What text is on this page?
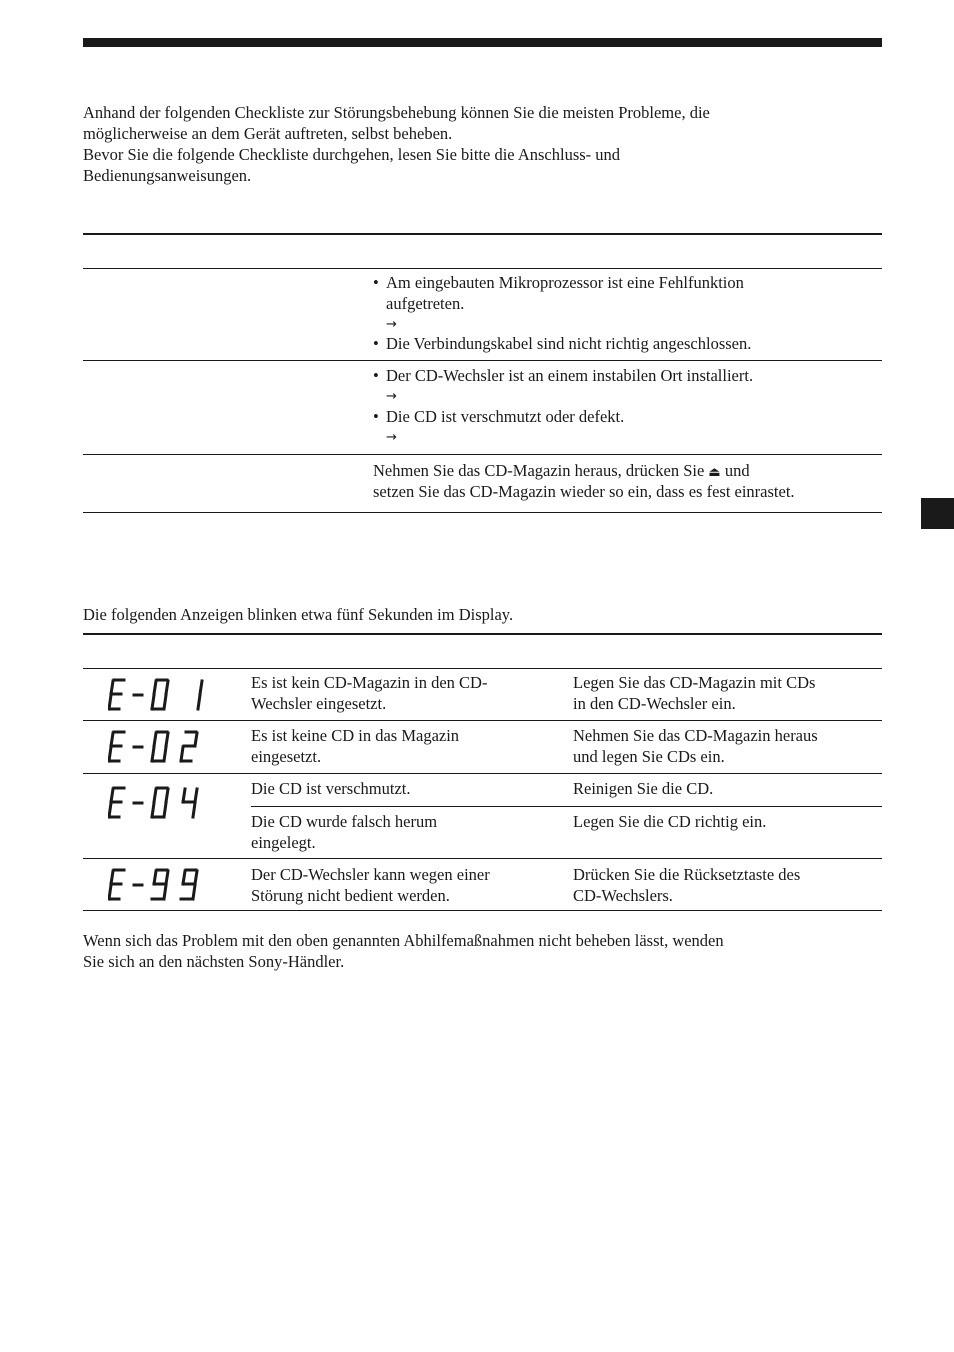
Anhand der folgenden Checkliste zur Störungsbehebung können Sie die meisten Probleme, die

möglicherweise an dem Gerät auftreten, selbst beheben.

Bevor Sie die folgende Checkliste durchgehen, lesen Sie bitte die Anschluss- und

Bedienungsanweisungen.

• Am eingebauten Mikroprozessor ist eine Fehlfunktion
aufgetreten.
→
• Die Verbindungskabel sind nicht richtig angeschlossen.
• Der CD-Wechsler ist an einem instabilen Ort installiert.
→
• Die CD ist verschmutzt oder defekt.
→
Nehmen Sie das CD-Magazin heraus, drücken Sie ⏏ und
setzen Sie das CD-Magazin wieder so ein, dass es fest einrastet.
Die folgenden Anzeigen blinken etwa fünf Sekunden im Display.
Es ist kein CD-Magazin in den CD-
Wechsler eingesetzt.
Legen Sie das CD-Magazin mit CDs
in den CD-Wechsler ein.
Es ist keine CD in das Magazin
eingesetzt.
Nehmen Sie das CD-Magazin heraus
und legen Sie CDs ein.
Die CD ist verschmutzt.	Reinigen Sie die CD.
Die CD wurde falsch herum
eingelegt.
Legen Sie die CD richtig ein.
Der CD-Wechsler kann wegen einer
Störung nicht bedient werden.
Drücken Sie die Rücksetztaste des
CD-Wechslers.
Wenn sich das Problem mit den oben genannten Abhilfemaßnahmen nicht beheben lässt, wenden
Sie sich an den nächsten Sony-Händler.
